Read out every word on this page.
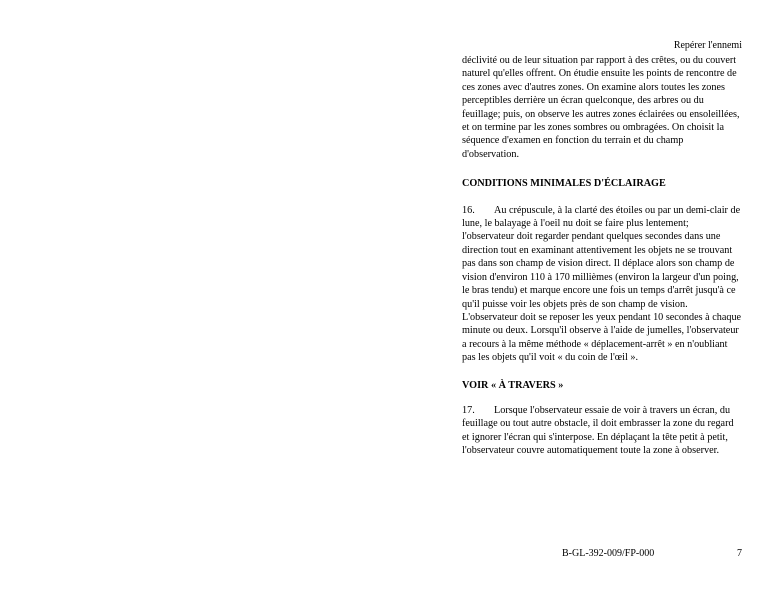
Repérer l'ennemi

déclivité ou de leur situation par rapport à des crêtes, ou du couvert naturel qu'elles offrent. On étudie ensuite les points de rencontre de ces zones avec d'autres zones. On examine alors toutes les zones perceptibles derrière un écran quelconque, des arbres ou du feuillage; puis, on observe les autres zones éclairées ou ensoleillées, et on termine par les zones sombres ou ombragées. On choisit la séquence d'examen en fonction du terrain et du champ d'observation.

CONDITIONS MINIMALES D'ÉCLAIRAGE

16. Au crépuscule, à la clarté des étoiles ou par un demi-clair de lune, le balayage à l'oeil nu doit se faire plus lentement; l'observateur doit regarder pendant quelques secondes dans une direction tout en examinant attentivement les objets ne se trouvant pas dans son champ de vision direct. Il déplace alors son champ de vision d'environ 110 à 170 millièmes (environ la largeur d'un poing, le bras tendu) et marque encore une fois un temps d'arrêt jusqu'à ce qu'il puisse voir les objets près de son champ de vision. L'observateur doit se reposer les yeux pendant 10 secondes à chaque minute ou deux. Lorsqu'il observe à l'aide de jumelles, l'observateur a recours à la même méthode « déplacement-arrêt » en n'oubliant pas les objets qu'il voit « du coin de l'œil ».

VOIR « À TRAVERS »

17. Lorsque l'observateur essaie de voir à travers un écran, du feuillage ou tout autre obstacle, il doit embrasser la zone du regard et ignorer l'écran qui s'interpose. En déplaçant la tête petit à petit, l'observateur couvre automatiquement toute la zone à observer.

B-GL-392-009/FP-000	7
